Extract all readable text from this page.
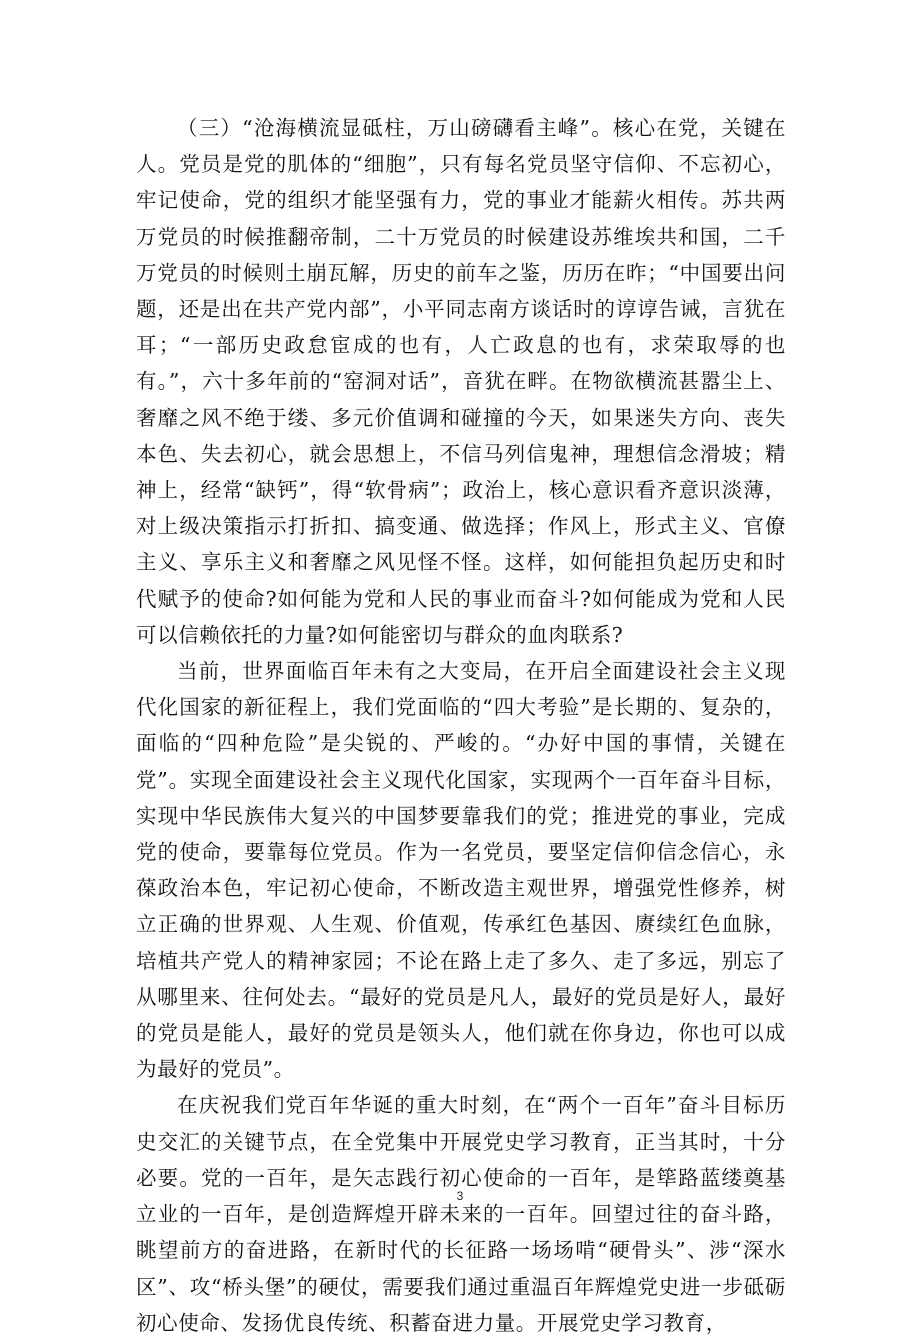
（三）“沧海横流显砥柱，万山磅礴看主峰”。核心在党，关键在人。党员是党的肌体的“细胞”，只有每名党员坚守信仰、不忘初心，牢记使命，党的组织才能坚强有力，党的事业才能薪火相传。苏共两万党员的时候推翻帝制，二十万党员的时候建设苏维埃共和国，二千万党员的时候则土崩瓦解，历史的前车之鉴，历历在昨；“中国要出问题，还是出在共产党内部”，小平同志南方谈话时的谆谆告诫，言犹在耳；“一部历史政怠宦成的也有，人亡政息的也有，求荣取辱的也有。”，六十多年前的“窑洞对话”，音犹在畔。在物欲横流甚嚣尘上、奢靡之风不绝于缕、多元价值调和碰撞的今天，如果迷失方向、丧失本色、失去初心，就会思想上，不信马列信鬼神，理想信念滑坡；精神上，经常“缺钙”，得“软骨病”；政治上，核心意识看齐意识淡薄，对上级决策指示打折扣、搞变通、做选择；作风上，形式主义、官僚主义、享乐主义和奢靡之风见怪不怪。这样，如何能担负起历史和时代赋予的使命?如何能为党和人民的事业而奋斗?如何能成为党和人民可以信赖依托的力量?如何能密切与群众的血肉联系?

当前，世界面临百年未有之大变局，在开启全面建设社会主义现代化国家的新征程上，我们党面临的“四大考验”是长期的、复杂的，面临的“四种危险”是尖锐的、严峻的。“办好中国的事情，关键在党”。实现全面建设社会主义现代化国家，实现两个一百年奋斗目标，实现中华民族伟大复兴的中国梦要靠我们的党；推进党的事业，完成党的使命，要靠每位党员。作为一名党员，要坚定信仰信念信心，永葆政治本色，牢记初心使命，不断改造主观世界，增强党性修养，树立正确的世界观、人生观、价值观，传承红色基因、赓续红色血脉，培植共产党人的精神家园；不论在路上走了多久、走了多远，别忘了从哪里来、往何处去。“最好的党员是凡人，最好的党员是好人，最好的党员是能人，最好的党员是领头人，他们就在你身边，你也可以成为最好的党员”。

在庆祝我们党百年华诞的重大时刻，在“两个一百年”奋斗目标历史交汇的关键节点，在全党集中开展党史学习教育，正当其时，十分必要。党的一百年，是矢志践行初心使命的一百年，是筚路蓝缕奠基立业的一百年，是创造辉煌开辟未来的一百年。回望过往的奋斗路，眺望前方的奋进路，在新时代的长征路一场场啃“硬骨头”、涉“深水区”、攻“桥头堡”的硬仗，需要我们通过重温百年辉煌党史进一步砥砺初心使命、发扬优良传统、积蓄奋进力量。开展党史学习教育，

3
